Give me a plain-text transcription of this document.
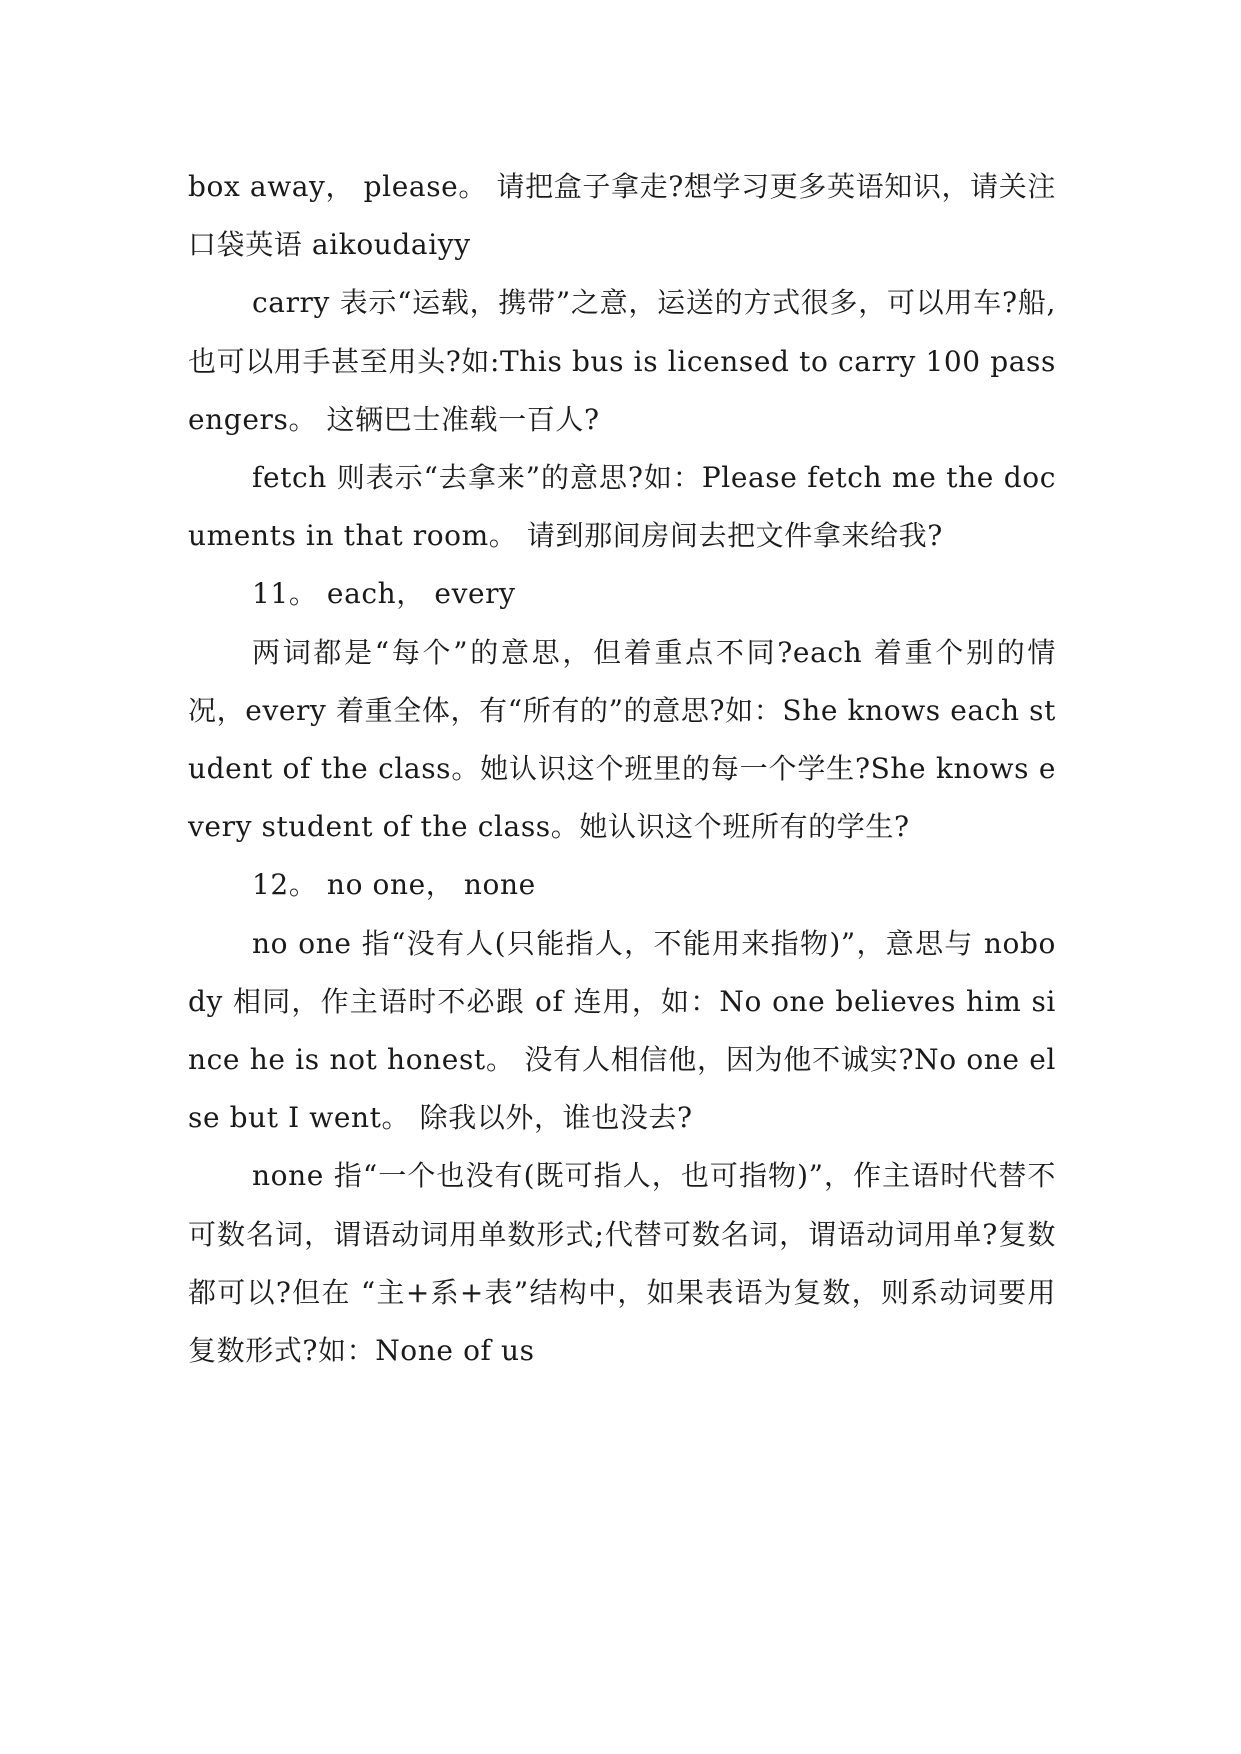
box away， please。 请把盒子拿走?想学习更多英语知识，请关注口袋英语 aikoudaiyy

carry 表示“运载，携带”之意，运送的方式很多，可以用车?船,也可以用手甚至用头?如:This bus is licensed to carry 100 passengers。 这辆巴士准载一百人?

fetch 则表示“去拿来”的意思?如：Please fetch me the documents in that room。 请到那间房间去把文件拿来给我?

11。 each， every

两词都是“每个”的意思，但着重点不同?each 着重个别的情况，every 着重全体，有“所有的”的意思?如：She knows each student of the class。她认识这个班里的每一个学生?She knows every student of the class。她认识这个班所有的学生?

12。 no one， none

no one 指“没有人(只能指人，不能用来指物)”，意思与 nobody 相同，作主语时不必跟 of 连用，如：No one believes him since he is not honest。 没有人相信他，因为他不诚实?No one else but I went。 除我以外，谁也没去?

none 指“一个也没有(既可指人，也可指物)”，作主语时代替不可数名词，谓语动词用单数形式;代替可数名词，谓语动词用单?复数都可以?但在 “主+系+表”结构中，如果表语为复数，则系动词要用复数形式?如：None of us
